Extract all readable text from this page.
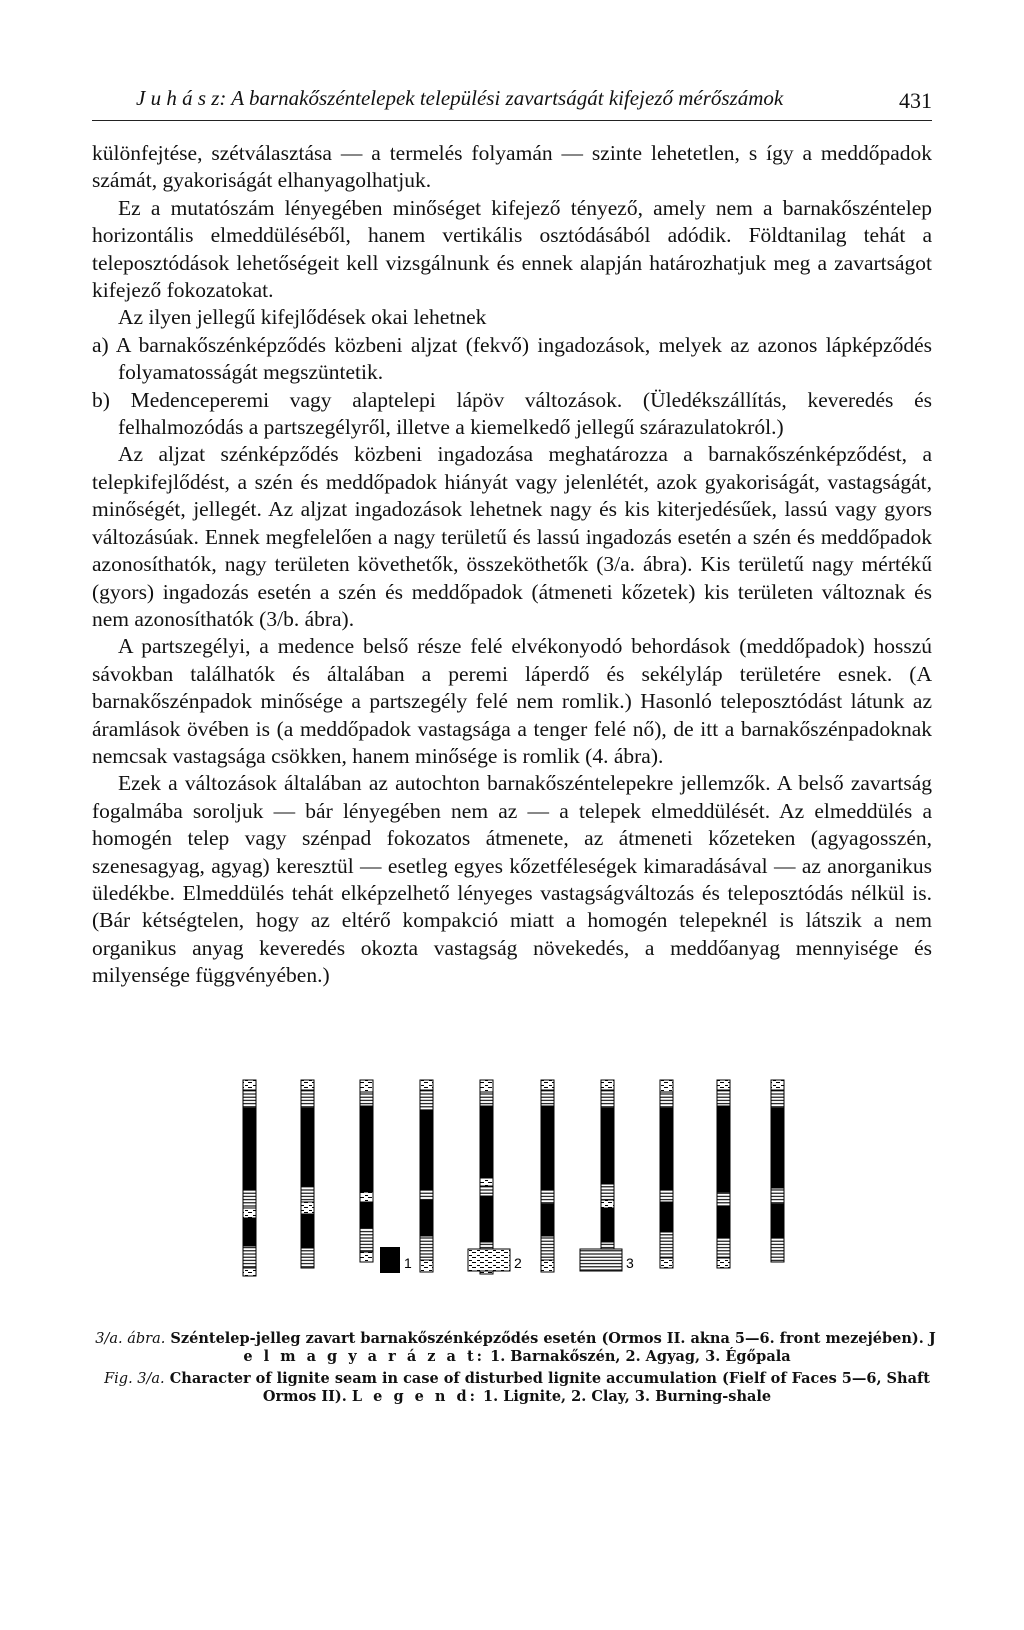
J u h á s z: A barnakőszéntelepek települési zavartságát kifejező mérőszámok	431

különfejtése, szétválasztása — a termelés folyamán — szinte lehetetlen, s így a meddőpadok számát, gyakoriságát elhanyagolhatjuk.

Ez a mutatószám lényegében minőséget kifejező tényező, amely nem a barnakőszéntelep horizontális elmeddüléséből, hanem vertikális osztódásából adódik. Földtanilag tehát a teleposztódások lehetőségeit kell vizsgálnunk és ennek alapján határozhatjuk meg a zavartságot kifejező fokozatokat.

Az ilyen jellegű kifejlődések okai lehetnek

a) A barnakőszénképződés közbeni aljzat (fekvő) ingadozások, melyek az azonos lápképződés folyamatosságát megszüntetik.

b) Medenceperemi vagy alaptelepi lápöv változások. (Üledékszállítás, keveredés és felhalmozódás a partszegélyről, illetve a kiemelkedő jellegű szárazulatokról.)

Az aljzat szénképződés közbeni ingadozása meghatározza a barnakőszénképződést, a telepkifejlődést, a szén és meddőpadok hiányát vagy jelenlétét, azok gyakoriságát, vastagságát, minőségét, jellegét. Az aljzat ingadozások lehetnek nagy és kis kiterjedésűek, lassú vagy gyors változásúak. Ennek megfelelően a nagy területű és lassú ingadozás esetén a szén és meddőpadok azonosíthatók, nagy területen követhetők, összeköthetők (3/a. ábra). Kis területű nagy mértékű (gyors) ingadozás esetén a szén és meddőpadok (átmeneti kőzetek) kis területen változnak és nem azonosíthatók (3/b. ábra).

A partszegélyi, a medence belső része felé elvékonyodó behordások (meddőpadok) hosszú sávokban találhatók és általában a peremi láperdő és sekélyláp területére esnek. (A barnakőszénpadok minősége a partszegély felé nem romlik.) Hasonló teleposztódást látunk az áramlások övében is (a meddőpadok vastagsága a tenger felé nő), de itt a barnakőszénpadoknak nemcsak vastagsága csökken, hanem minősége is romlik (4. ábra).

Ezek a változások általában az autochton barnakőszéntelepekre jellemzők. A belső zavartság fogalmába soroljuk — bár lényegében nem az — a telepek elmeddülését. Az elmeddülés a homogén telep vagy szénpad fokozatos átmenete, az átmeneti kőzeteken (agyagosszén, szenesagyag, agyag) keresztül — esetleg egyes kőzetféleségek kimaradásával — az anorganikus üledékbe. Elmeddülés tehát elképzelhető lényeges vastagságváltozás és teleposztódás nélkül is. (Bár kétségtelen, hogy az eltérő kompakció miatt a homogén telepeknél is látszik a nem organikus anyag keveredés okozta vastagság növekedés, a meddőanyag mennyisége és milyensége függvényében.)

1	2	3

3/a. ábra. Széntelep-jelleg zavart barnakőszénképződés esetén (Ormos II. akna 5—6. front mezejében). J e l m a g y a r á z a t: 1. Barnakőszén, 2. Agyag, 3. Égőpala

Fig. 3/a. Character of lignite seam in case of disturbed lignite accumulation (Fielf of Faces 5—6, Shaft Ormos II). L e g e n d: 1. Lignite, 2. Clay, 3. Burning-shale
